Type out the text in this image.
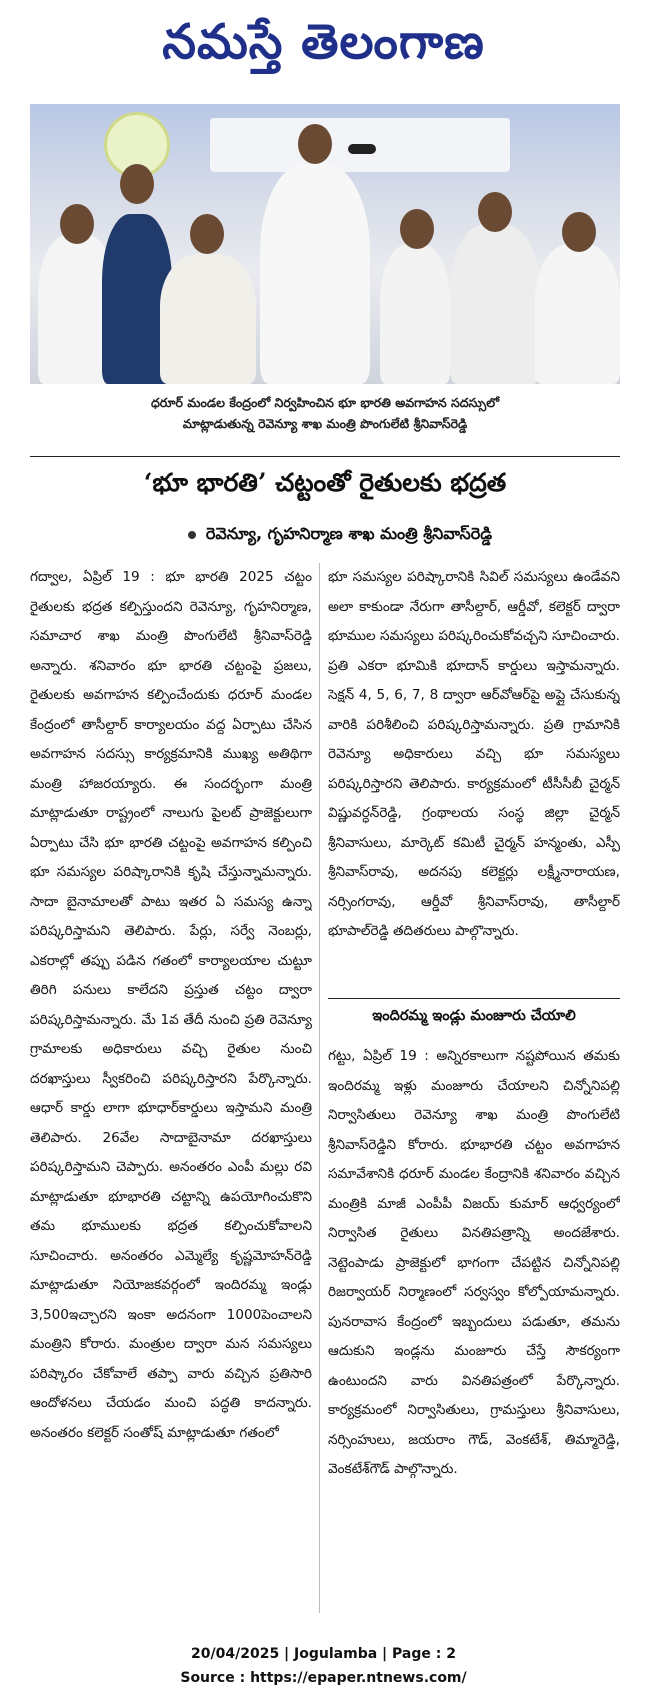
నమస్తే తెలంగాణ
ధరూర్ మండల కేంద్రంలో నిర్వహించిన భూ భారతి అవగాహన సదస్సులో
మాట్లాడుతున్న రెవెన్యూ శాఖ మంత్రి పొంగులేటి శ్రీనివాస్‌రెడ్డి
‘భూ భారతి’ చట్టంతో రైతులకు భద్రత
రెవెన్యూ, గృహనిర్మాణ శాఖ మంత్రి శ్రీనివాస్‌రెడ్డి
గద్వాల, ఏప్రిల్ 19 : భూ భారతి 2025 చట్టం రైతులకు భద్రత కల్పిస్తుందని రెవెన్యూ, గృహనిర్మాణ, సమాచార శాఖ మంత్రి పొంగులేటి శ్రీనివాస్‌రెడ్డి అన్నారు. శనివారం భూ భారతి చట్టంపై ప్రజలు, రైతులకు అవగాహన కల్పించేందుకు ధరూర్ మండల కేంద్రంలో తాసీల్దార్ కార్యాలయం వద్ద ఏర్పాటు చేసిన అవగాహన సదస్సు కార్యక్రమానికి ముఖ్య అతిథిగా మంత్రి హాజరయ్యారు. ఈ సందర్భంగా మంత్రి మాట్లాడుతూ రాష్ట్రంలో నాలుగు పైలట్ ప్రాజెక్టులుగా ఏర్పాటు చేసి భూ భారతి చట్టంపై అవగాహన కల్పించి భూ సమస్యల పరిష్కారానికి కృషి చేస్తున్నామన్నారు. సాదా బైనామాలతో పాటు ఇతర ఏ సమస్య ఉన్నా పరిష్కరిస్తామని తెలిపారు. పేర్లు, సర్వే నెంబర్లు, ఎకరాల్లో తప్పు పడిన గతంలో కార్యాలయాల చుట్టూ తిరిగి పనులు కాలేదని ప్రస్తుత చట్టం ద్వారా పరిష్కరిస్తామన్నారు. మే 1వ తేదీ నుంచి ప్రతి రెవెన్యూ గ్రామాలకు అధికారులు వచ్చి రైతుల నుంచి దరఖాస్తులు స్వీకరించి పరిష్కరిస్తారని పేర్కొన్నారు. ఆధార్ కార్డు లాగా భూధార్‌కార్డులు ఇస్తామని మంత్రి తెలిపారు. 26వేల సాదాబైనామా దరఖాస్తులు పరిష్కరిస్తామని చెప్పారు. అనంతరం ఎంపీ మల్లు రవి మాట్లాడుతూ భూభారతి చట్టాన్ని ఉపయోగించుకొని తమ భూములకు భద్రత కల్పించుకోవాలని సూచించారు. అనంతరం ఎమ్మెల్యే కృష్ణమోహన్‌రెడ్డి మాట్లాడుతూ నియోజకవర్గంలో ఇందిరమ్మ ఇండ్లు 3,500ఇచ్చారని ఇంకా అదనంగా 1000పెంచాలని మంత్రిని కోరారు. మంత్రుల ద్వారా మన సమస్యలు పరిష్కారం చేకోవాలే తప్పా వారు వచ్చిన ప్రతిసారి ఆందోళనలు చేయడం మంచి పద్ధతి కాదన్నారు. అనంతరం కలెక్టర్ సంతోష్ మాట్లాడుతూ గతంలో
భూ సమస్యల పరిష్కారానికి సివిల్ సమస్యలు ఉండేవని అలా కాకుండా నేరుగా తాసీల్దార్, ఆర్డీవో, కలెక్టర్ ద్వారా భూముల సమస్యలు పరిష్కరించుకోవచ్చని సూచించారు. ప్రతి ఎకరా భూమికి భూదాన్ కార్డులు ఇస్తామన్నారు. సెక్షన్ 4, 5, 6, 7, 8 ద్వారా ఆర్‌వోఆర్‌పై అప్లై చేసుకున్న వారికి పరిశీలించి పరిష్కరిస్తామన్నారు. ప్రతి గ్రామానికి రెవెన్యూ అధికారులు వచ్చి భూ సమస్యలు పరిష్కరిస్తారని తెలిపారు. కార్యక్రమంలో టీసీసీబీ చైర్మన్ విష్ణువర్ధన్‌రెడ్డి, గ్రంథాలయ సంస్థ జిల్లా చైర్మన్ శ్రీనివాసులు, మార్కెట్ కమిటీ చైర్మన్ హన్మంతు, ఎస్పీ శ్రీనివాస్‌రావు, అదనపు కలెక్టర్లు లక్ష్మీనారాయణ, నర్సింగరావు, ఆర్డీవో శ్రీనివాస్‌రావు, తాసీల్దార్ భూపాల్‌రెడ్డి తదితరులు పాల్గొన్నారు.
ఇందిరమ్మ ఇండ్లు మంజూరు చేయాలి
గట్టు, ఏప్రిల్ 19 : అన్నిరకాలుగా నష్టపోయిన తమకు ఇందిరమ్మ ఇళ్లు మంజూరు చేయాలని చిన్నోనిపల్లి నిర్వాసితులు రెవెన్యూ శాఖ మంత్రి పొంగులేటి శ్రీనివాస్‌రెడ్డిని కోరారు. భూభారతి చట్టం అవగాహన సమావేశానికి ధరూర్ మండల కేంద్రానికి శనివారం వచ్చిన మంత్రికి మాజీ ఎంపీపీ విజయ్ కుమార్ ఆధ్వర్యంలో నిర్వాసిత రైతులు వినతిపత్రాన్ని అందజేశారు. నెట్టెంపాడు ప్రాజెక్టులో భాగంగా చేపట్టిన చిన్నోనిపల్లి రిజర్వాయర్ నిర్మాణంలో సర్వస్వం కోల్పోయామన్నారు. పునరావాస కేంద్రంలో ఇబ్బందులు పడుతూ, తమను ఆదుకుని ఇండ్లను మంజూరు చేస్తే సౌకర్యంగా ఉంటుందని వారు వినతిపత్రంలో పేర్కొన్నారు. కార్యక్రమంలో నిర్వాసితులు, గ్రామస్తులు శ్రీనివాసులు, నర్సింహులు, జయరాం గౌడ్, వెంకటేశ్, తిమ్మారెడ్డి, వెంకటేశ్‌గౌడ్ పాల్గొన్నారు.
20/04/2025 | Jogulamba | Page : 2
Source : https://epaper.ntnews.com/
